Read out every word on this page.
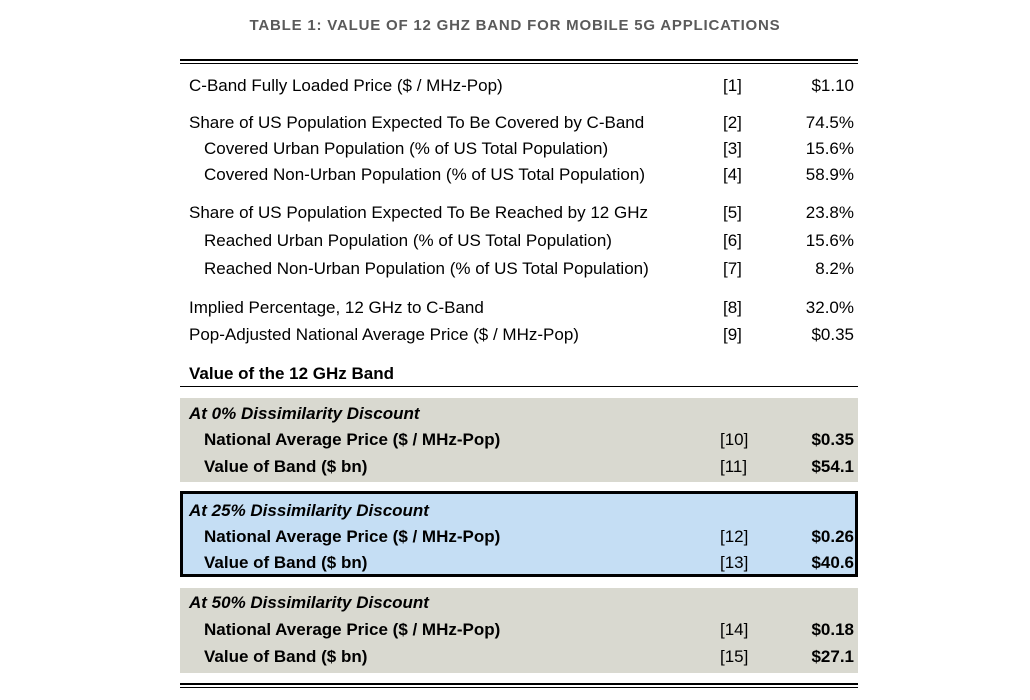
TABLE 1: VALUE OF 12 GHZ BAND FOR MOBILE 5G APPLICATIONS
C-Band Fully Loaded Price ($ / MHz-Pop)	[1]	$1.10
Share of US Population Expected To Be Covered by C-Band	[2]	74.5%
Covered Urban Population (% of US Total Population)	[3]	15.6%
Covered Non-Urban Population (% of US Total Population)	[4]	58.9%
Share of US Population Expected To Be Reached by 12 GHz	[5]	23.8%
Reached Urban Population (% of US Total Population)	[6]	15.6%
Reached Non-Urban Population (% of US Total Population)	[7]	8.2%
Implied Percentage, 12 GHz to C-Band	[8]	32.0%
Pop-Adjusted National Average Price ($ / MHz-Pop)	[9]	$0.35
Value of the 12 GHz Band
At 0% Dissimilarity Discount
National Average Price ($ / MHz-Pop)	[10]	$0.35
Value of Band ($ bn)	[11]	$54.1
At 25% Dissimilarity Discount
National Average Price ($ / MHz-Pop)	[12]	$0.26
Value of Band ($ bn)	[13]	$40.6
At 50% Dissimilarity Discount
National Average Price ($ / MHz-Pop)	[14]	$0.18
Value of Band ($ bn)	[15]	$27.1
